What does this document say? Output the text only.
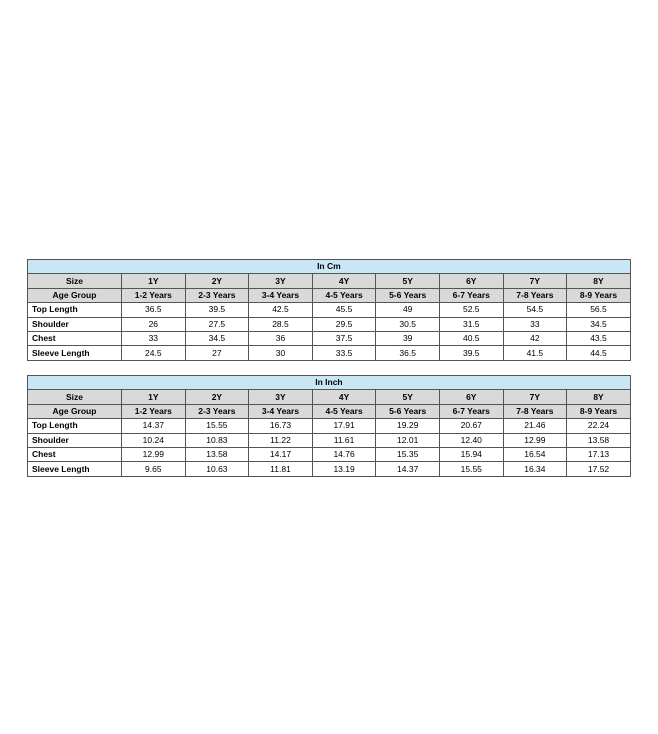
In Cm								
Size	1Y	2Y	3Y	4Y	5Y	6Y	7Y	8Y
Age Group	1-2 Years	2-3 Years	3-4 Years	4-5 Years	5-6 Years	6-7 Years	7-8 Years	8-9 Years
Top Length	36.5	39.5	42.5	45.5	49	52.5	54.5	56.5
Shoulder	26	27.5	28.5	29.5	30.5	31.5	33	34.5
Chest	33	34.5	36	37.5	39	40.5	42	43.5
Sleeve Length	24.5	27	30	33.5	36.5	39.5	41.5	44.5
In Inch								
Size	1Y	2Y	3Y	4Y	5Y	6Y	7Y	8Y
Age Group	1-2 Years	2-3 Years	3-4 Years	4-5 Years	5-6 Years	6-7 Years	7-8 Years	8-9 Years
Top Length	14.37	15.55	16.73	17.91	19.29	20.67	21.46	22.24
Shoulder	10.24	10.83	11.22	11.61	12.01	12.40	12.99	13.58
Chest	12.99	13.58	14.17	14.76	15.35	15.94	16.54	17.13
Sleeve Length	9.65	10.63	11.81	13.19	14.37	15.55	16.34	17.52
